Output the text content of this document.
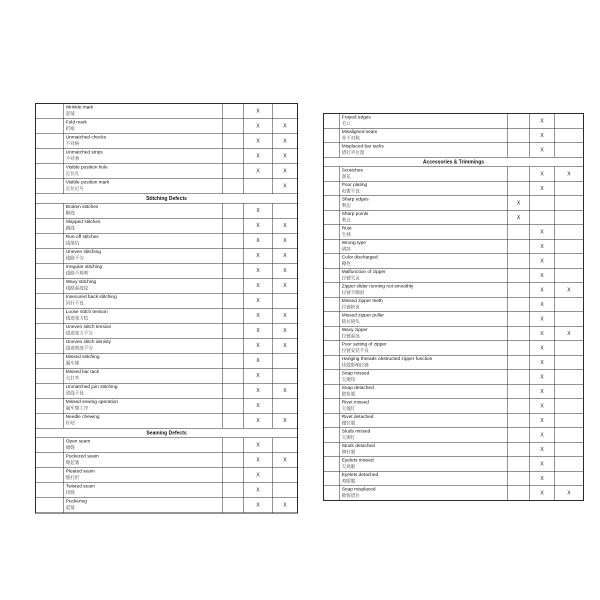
	Wrinkle mark
起皱		X	

	Fold mark
折痕		X	X

	Unmatched checks
不对格		X	X

	Unmatched strips
不对条		X	X

	Visible position hole
定位孔		X	X

	Visible position mark
定位记号			X
Stitching Defects				

	Broken stitches
断线		X	

	Skipped stitches
跳线		X	X

	Run-off stitches
线落坑		X	X

	Uneven stitching
线路不匀		X	X

	Irregular stitching
线路不规则		X	X

	Wavy stitching
线路起波纹		X	X

	Insecured back stitching
回针不良		X	

	Loose stitch tension
线迹张力松		X	X

	Uneven stitch tension
线迹张力不匀		X	X

	Uneven stitch density
线迹密度不匀		X	X

	Missed stitching
漏车缝		X	

	Missed bar tack
欠打枣		X	

	Unmatched join stitching
驳线不良		X	X

	Missed sewing operation
漏车缝工序		X	

	Needle chewing
针咬		X	X
Seaming Defects				

	Open seam
爆缝		X	

	Puckered seam
缝起皱		X	X

	Pleated seam
缝打折		X	

	Twisted seam
扭缝		X	

	Puckering
起皱		X	X

	Frayed edges
毛口		X	

	Misaligned seam
骨不对称		X	

	Misplaced bar tacks
错打枣位置		X	
Accessories & Trimmings				

	Scratches
刮花		X	X

	Poor plating
电镀不良		X	

	Sharp edges
利边	X		

	Sharp points
利点	X		

	Rust
生锈		X	

	Wrong type
错款		X	

	Color discharged
褪色		X	

	Malfunction of zipper
拉链失灵		X	

	Zipper slider running not smoothly
拉链不顺滑		X	X

	Missed zipper teeth
拉链缺齿		X	

	Missed zipper puller
缺拉链头		X	

	Wavy zipper
拉链起浪		X	X

	Poor setting of zipper
拉链安装不良		X	

	Hanging threads obstructed zipper function
挂线影响拉链		X	

	Snap missed
欠揿钮		X	

	Snap detached
揿钮脱		X	

	Rivet missed
欠撞钉		X	

	Rivet detached
撞钉脱		X	

	Studs missed
欠铆钉		X	

	Studs detached
铆钉脱		X	

	Eyelets missed
欠鸡眼		X	

	Eyelets detached
鸡眼脱		X	

	Snap misplaced
揿钮错位		X	X
